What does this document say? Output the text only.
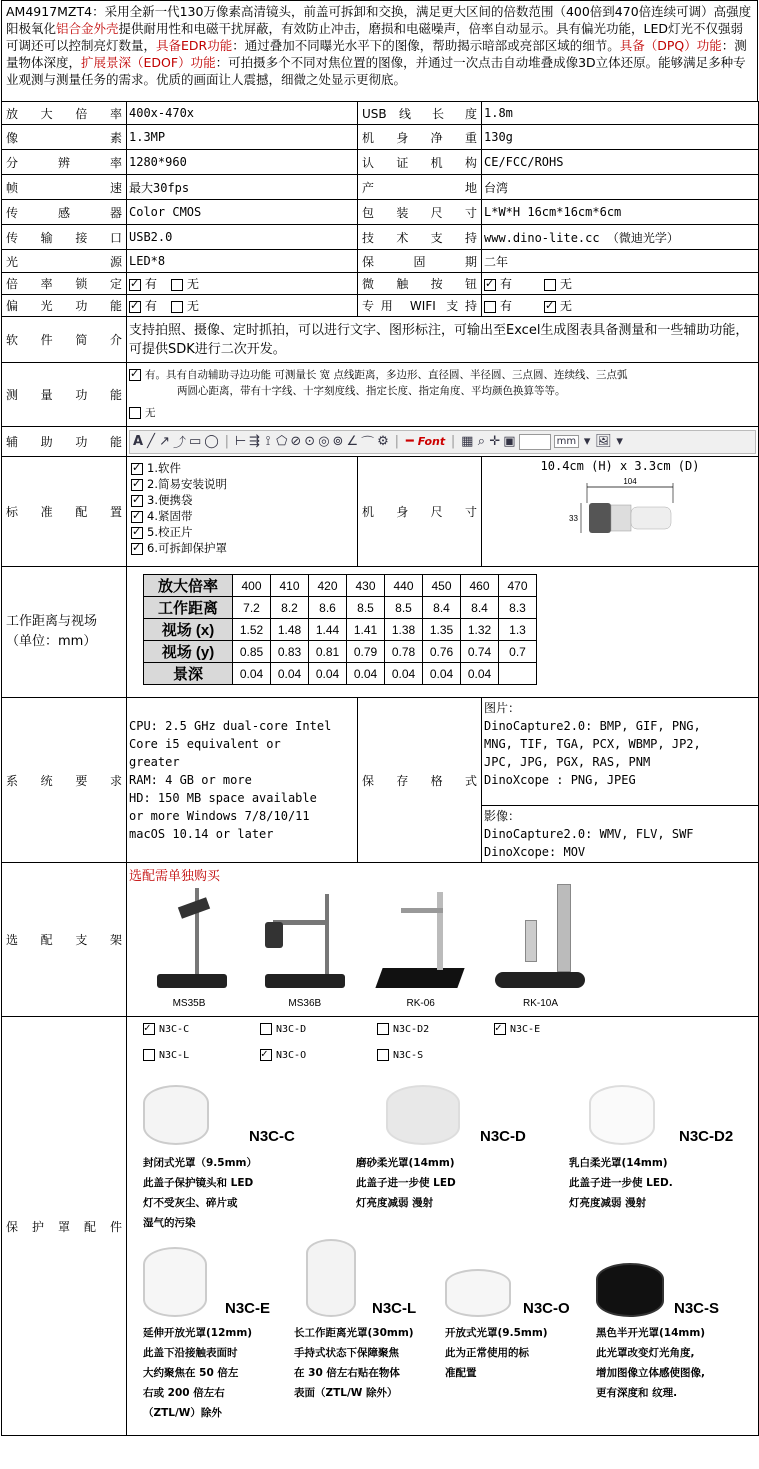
AM4917MZT4：采用全新一代130万像素高清镜头，前盖可拆卸和交换，满足更大区间的倍数范围（400倍到470倍连续可调）高强度阳极氧化铝合金外壳提供耐用性和电磁干扰屏蔽，有效防止冲击，磨损和电磁噪声，倍率自动显示。具有偏光功能，LED灯光不仅强弱可调还可以控制亮灯数量，具备EDR功能：通过叠加不同曝光水平下的图像，帮助揭示暗部或亮部区域的细节。具备（DPQ）功能：测量物体深度，扩展景深（EDOF）功能：可拍摄多个不同对焦位置的图像，并通过一次点击自动堆叠成像3D立体还原。能够满足多种专业观测与测量任务的需求。优质的画面让人震撼，细微之处显示更彻底。
放 大 倍 率	400x-470x	USB 线 长 度	1.8m
像 素	1.3MP	机 身 净 重	130g
分 辨 率	1280*960	认 证 机 构	CE/FCC/ROHS
帧 速	最大30fps	产 地	台湾
传 感 器	Color CMOS	包 装 尺 寸	L*W*H 16cm*16cm*6cm
传 输 接 口	USB2.0	技 术 支 持	www.dino-lite.cc （微迪光学）
光 源	LED*8	保 固 期	二年
倍 率 锁 定	✓有	无	微 触 按 钮	✓有	无
偏 光 功 能	✓有	无	专用 WIFI 支持	有 ✓	无
软 件 简 介	支持拍照、摄像、定时抓拍，可以进行文字、图形标注，可输出至Excel生成图表具备测量和一些辅助功能，可提供SDK进行二次开发。
测 量 功 能	
✓有。具有自动辅助寻边功能 可测量长 宽 点线距离，多边形、直径圆、半径圆、三点圆、连续线、三点弧
两圆心距离，带有十字线、十字刻度线、指定长度、指定角度、平均颜色换算等等。
无

辅 助 功 能	A ╱ ↗ ⤴ ▭ ◯ | ⊢ ⇶ ⟟ ⬠ ⊘ ⊙ ◎ ⊚ ∠ ⌒ ⚙ | ━ Font | ▦ ⌕ ✛ ▣	mm ▾ 🖼 ▾

标 准 配 置	
✓1.软件
✓2.简易安装说明
✓3.便携袋
✓4.紧固带
✓5.校正片
✓6.可拆卸保护罩
	机 身 尺 寸	
10.4cm (H) x 3.3cm (D)
104
33

工作距离与视场（单位：mm）	
放大倍率	400	410	420	430	440	450	460	470
工作距离	7.2	8.2	8.6	8.5	8.5	8.4	8.4	8.3
视场 (x)	1.52	1.48	1.44	1.41	1.38	1.35	1.32	1.3
视场 (y)	0.85	0.83	0.81	0.79	0.78	0.76	0.74	0.7
景深	0.04	0.04	0.04	0.04	0.04	0.04	0.04	

系 统 要 求	
CPU: 2.5 GHz dual-core Intel
Core i5 equivalent or
greater
RAM: 4 GB or more
HD: 150 MB space available
or more Windows 7/8/10/11
macOS 10.14 or later
	保 存 格 式	
图片：
DinoCapture2.0: BMP, GIF, PNG,
MNG, TIF, TGA, PCX, WBMP, JP2,
JPC, JPG, PGX, RAS, PNM
DinoXcope : PNG, JPEG
影像：
DinoCapture2.0: WMV, FLV, SWF
DinoXcope: MOV

选 配 支 架	
选配需单独购买
MS35B
	MS36B
	RK-06
	RK-10A

保 护 罩 配 件	
✓N3C-C	N3C-D	N3C-D2 ✓	N3C-E
N3C-L ✓	N3C-O	N3C-S
N3C-C
封闭式光罩（9.5mm）
此盖子保护镜头和 LED
灯不受灰尘、碎片或
湿气的污染
N3C-D
磨砂柔光罩(14mm)
此盖子进一步使 LED
灯亮度减弱 漫射
N3C-D2
乳白柔光罩(14mm)
此盖子进一步使 LED.
灯亮度减弱 漫射
N3C-E
延伸开放光罩(12mm)
此盖下沿接触表面时
大约聚焦在 50 倍左
右或 200 倍左右
（ZTL/W）除外
N3C-L
长工作距离光罩(30mm)
手持式状态下保障聚焦
在 30 倍左右贴在物体
表面（ZTL/W 除外）
N3C-O
开放式光罩(9.5mm)
此为正常使用的标
准配置
N3C-S
黑色半开光罩(14mm)
此光罩改变灯光角度,
增加图像立体感使图像,
更有深度和 纹理.
